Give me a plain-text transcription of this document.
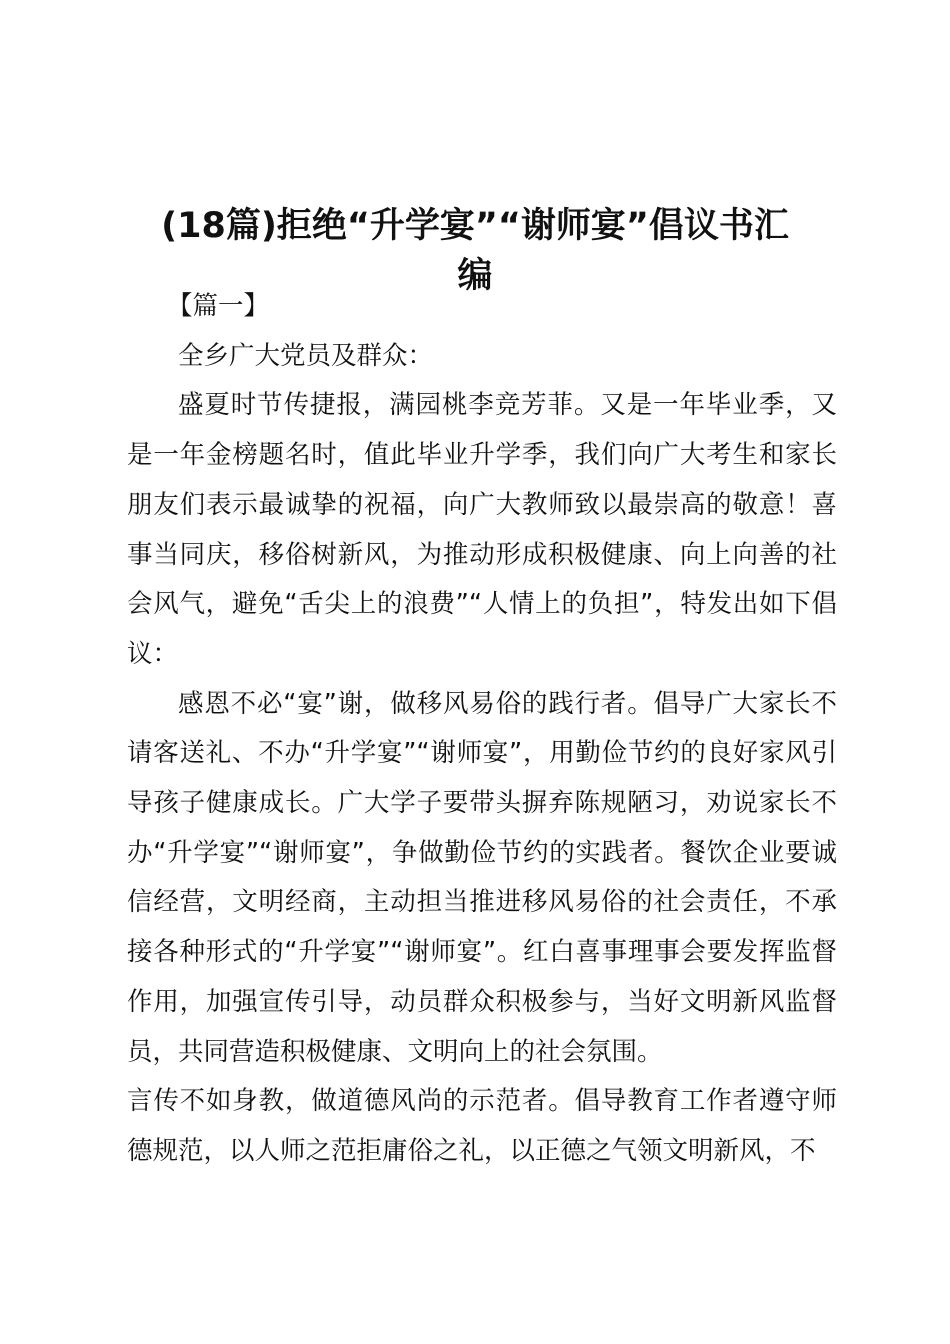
(18篇)拒绝“升学宴”“谢师宴”倡议书汇
编

【篇一】

全乡广大党员及群众：

盛夏时节传捷报，满园桃李竞芳菲。又是一年毕业季，又是一年金榜题名时，值此毕业升学季，我们向广大考生和家长朋友们表示最诚挚的祝福，向广大教师致以最崇高的敬意！喜事当同庆，移俗树新风，为推动形成积极健康、向上向善的社会风气，避免“舌尖上的浪费”“人情上的负担”，特发出如下倡议：

感恩不必“宴”谢，做移风易俗的践行者。倡导广大家长不请客送礼、不办“升学宴”“谢师宴”，用勤俭节约的良好家风引导孩子健康成长。广大学子要带头摒弃陈规陋习，劝说家长不办“升学宴”“谢师宴”，争做勤俭节约的实践者。餐饮企业要诚信经营，文明经商，主动担当推进移风易俗的社会责任，不承接各种形式的“升学宴”“谢师宴”。红白喜事理事会要发挥监督作用，加强宣传引导，动员群众积极参与，当好文明新风监督员，共同营造积极健康、文明向上的社会氛围。

言传不如身教，做道德风尚的示范者。倡导教育工作者遵守师德规范，以人师之范拒庸俗之礼，以正德之气领文明新风，不
